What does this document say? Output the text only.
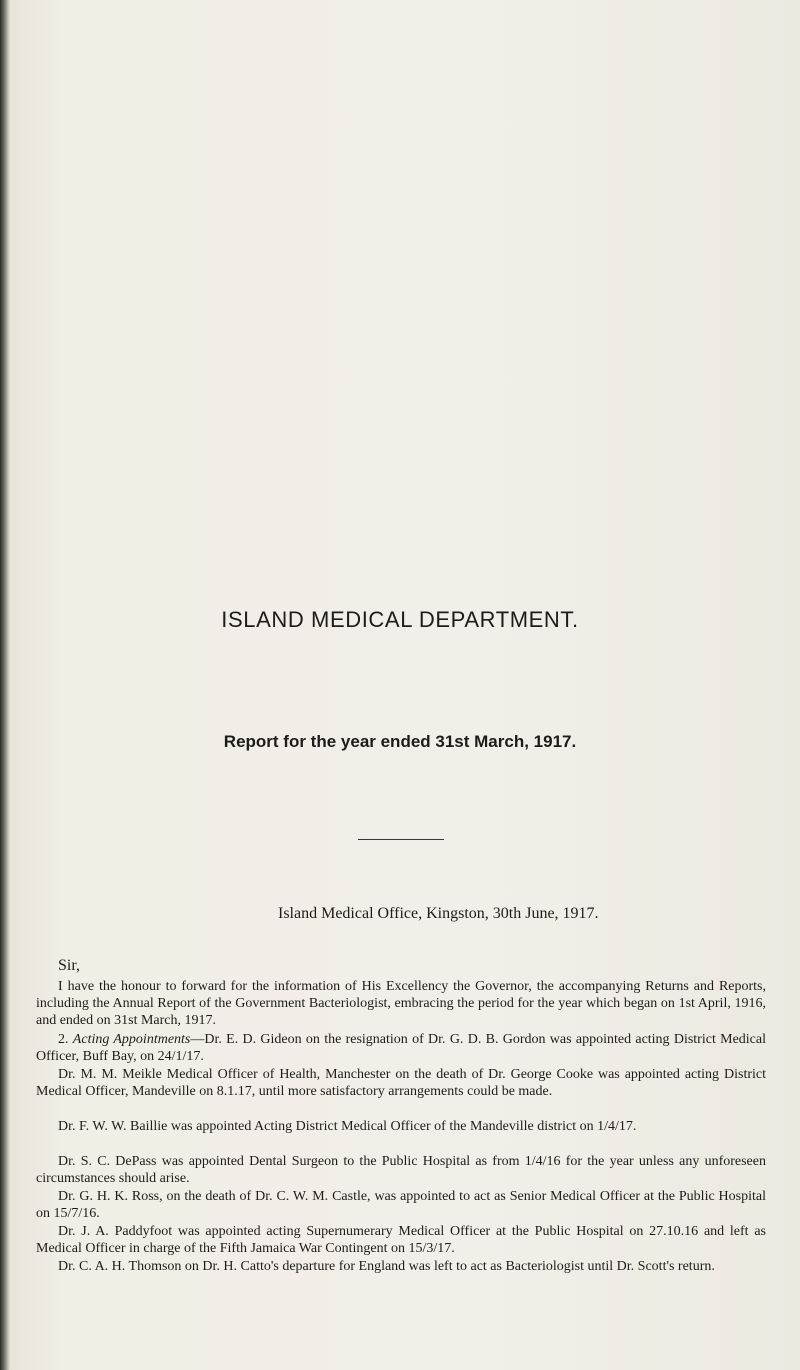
ISLAND MEDICAL DEPARTMENT.
Report for the year ended 31st March, 1917.

Island Medical Office, Kingston, 30th June, 1917.

Sir,

I have the honour to forward for the information of His Excellency the Governor, the accompanying Returns and Reports, including the Annual Report of the Government Bacteriologist, embracing the period for the year which began on 1st April, 1916, and ended on 31st March, 1917.

2. Acting Appointments—Dr. E. D. Gideon on the resignation of Dr. G. D. B. Gordon was appointed acting District Medical Officer, Buff Bay, on 24/1/17.

Dr. M. M. Meikle Medical Officer of Health, Manchester on the death of Dr. George Cooke was appointed acting District Medical Officer, Mandeville on 8.1.17, until more satisfactory arrangements could be made.

Dr. F. W. W. Baillie was appointed Acting District Medical Officer of the Mandeville district on 1/4/17.

Dr. S. C. DePass was appointed Dental Surgeon to the Public Hospital as from 1/4/16 for the year unless any unforeseen circumstances should arise.

Dr. G. H. K. Ross, on the death of Dr. C. W. M. Castle, was appointed to act as Senior Medical Officer at the Public Hospital on 15/7/16.

Dr. J. A. Paddyfoot was appointed acting Supernumerary Medical Officer at the Public Hospital on 27.10.16 and left as Medical Officer in charge of the Fifth Jamaica War Contingent on 15/3/17.

Dr. C. A. H. Thomson on Dr. H. Catto's departure for England was left to act as Bacteriologist until Dr. Scott's return.
